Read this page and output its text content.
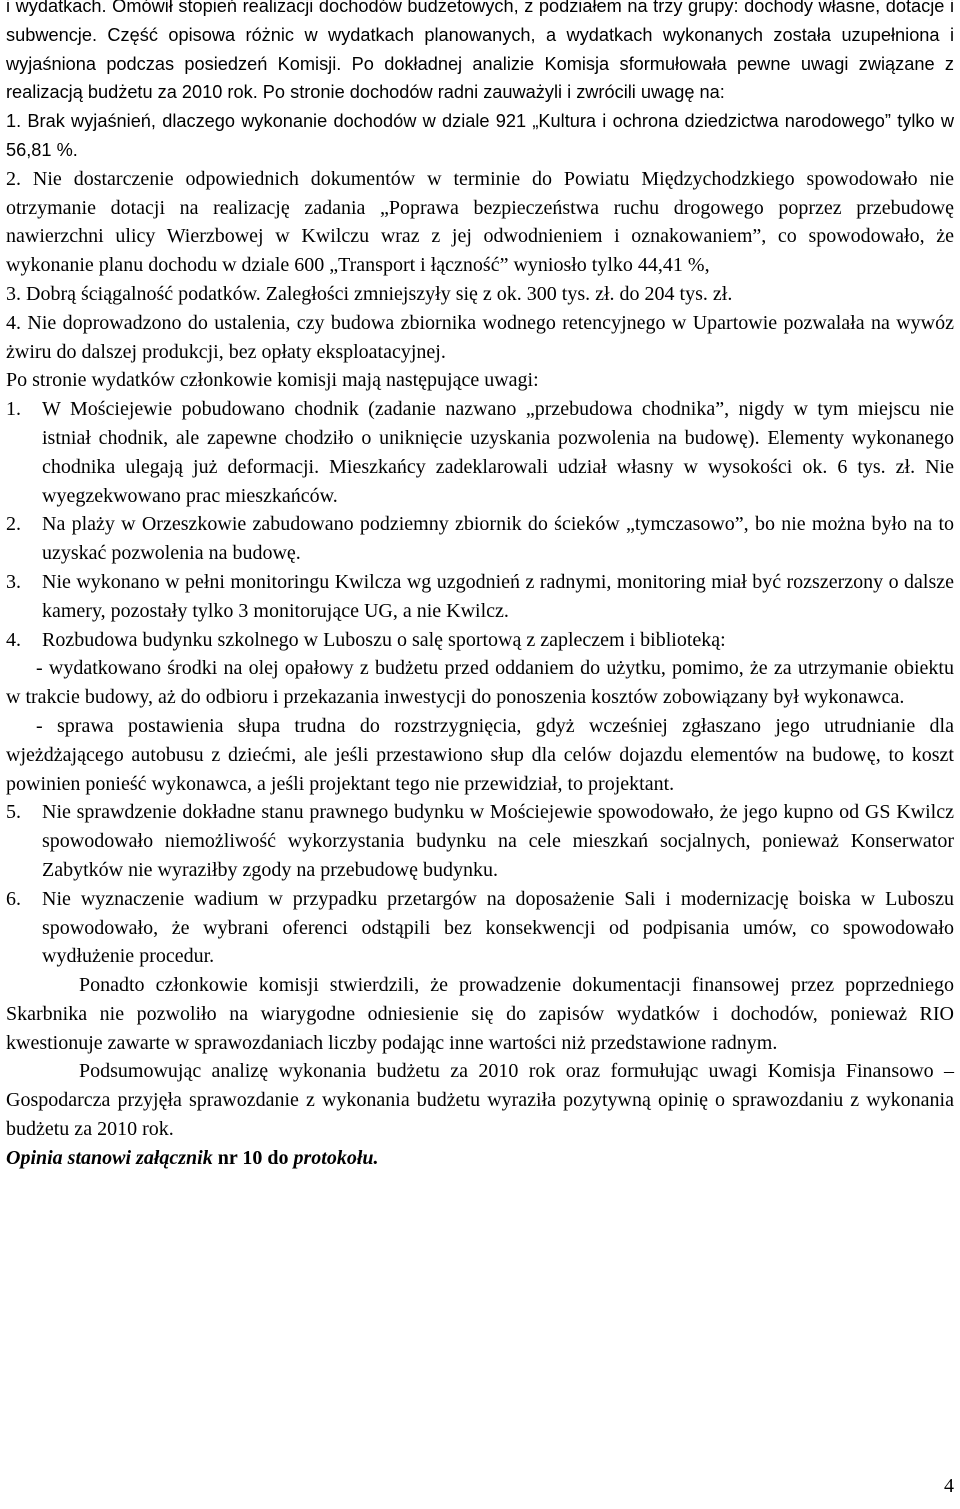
i wydatkach. Omówił stopień realizacji dochodów budżetowych, z podziałem na trzy grupy: dochody własne, dotacje i subwencje. Część opisowa różnic w wydatkach planowanych, a wydatkach wykonanych została uzupełniona i wyjaśniona podczas posiedzeń Komisji. Po dokładnej analizie Komisja sformułowała pewne uwagi związane z realizacją budżetu za 2010 rok. Po stronie dochodów radni zauważyli i zwrócili uwagę na:

1. Brak wyjaśnień, dlaczego wykonanie dochodów w dziale 921 „Kultura i ochrona dziedzictwa narodowego” tylko w 56,81 %.

2. Nie dostarczenie odpowiednich dokumentów w terminie do Powiatu Międzychodzkiego spowodowało nie otrzymanie dotacji na realizację zadania „Poprawa bezpieczeństwa ruchu drogowego poprzez przebudowę nawierzchni ulicy Wierzbowej w Kwilczu wraz z jej odwodnieniem i oznakowaniem”, co spowodowało, że wykonanie planu dochodu w dziale 600 „Transport i łączność” wyniosło tylko 44,41 %,

3. Dobrą ściągalność podatków. Zaległości zmniejszyły się z ok. 300 tys. zł. do 204 tys. zł.

4. Nie doprowadzono do ustalenia, czy budowa zbiornika wodnego retencyjnego w Upartowie pozwalała na wywóz żwiru do dalszej produkcji, bez opłaty eksploatacyjnej.

Po stronie wydatków członkowie komisji mają następujące uwagi:

1.	W Mościejewie pobudowano chodnik (zadanie nazwano „przebudowa chodnika”, nigdy w tym miejscu nie istniał chodnik, ale zapewne chodziło o uniknięcie uzyskania pozwolenia na budowę). Elementy wykonanego chodnika ulegają już deformacji. Mieszkańcy zadeklarowali udział własny w wysokości ok. 6 tys. zł. Nie wyegzekwowano prac mieszkańców.
2.	Na plaży w Orzeszkowie zabudowano podziemny zbiornik do ścieków „tymczasowo”, bo nie można było na to uzyskać pozwolenia na budowę.
3.	Nie wykonano w pełni monitoringu Kwilcza wg uzgodnień z radnymi, monitoring miał być rozszerzony o dalsze kamery, pozostały tylko 3 monitorujące UG, a nie Kwilcz.
4.	Rozbudowa budynku szkolnego w Luboszu o salę sportową z zapleczem i biblioteką:

- wydatkowano środki na olej opałowy z budżetu przed oddaniem do użytku, pomimo, że za utrzymanie obiektu w trakcie budowy, aż do odbioru i przekazania inwestycji do ponoszenia kosztów zobowiązany był wykonawca.

- sprawa postawienia słupa trudna do rozstrzygnięcia, gdyż wcześniej zgłaszano jego utrudnianie dla wjeżdżającego autobusu z dziećmi, ale jeśli przestawiono słup dla celów dojazdu elementów na budowę, to koszt powinien ponieść wykonawca, a jeśli projektant tego nie przewidział, to projektant.

5.	Nie sprawdzenie dokładne stanu prawnego budynku w Mościejewie spowodowało, że jego kupno od GS Kwilcz spowodowało niemożliwość wykorzystania budynku na cele mieszkań socjalnych, ponieważ Konserwator Zabytków nie wyraziłby zgody na przebudowę budynku.
6.	Nie wyznaczenie wadium w przypadku przetargów na doposażenie Sali i modernizację boiska w Luboszu spowodowało, że wybrani oferenci odstąpili bez konsekwencji od podpisania umów, co spowodowało wydłużenie procedur.

Ponadto członkowie komisji stwierdzili, że prowadzenie dokumentacji finansowej przez poprzedniego Skarbnika nie pozwoliło na wiarygodne odniesienie się do zapisów wydatków i dochodów, ponieważ RIO kwestionuje zawarte w sprawozdaniach liczby podając inne wartości niż przedstawione radnym.

Podsumowując analizę wykonania budżetu za 2010 rok oraz formułując uwagi Komisja Finansowo – Gospodarcza przyjęła sprawozdanie z wykonania budżetu wyraziła pozytywną opinię o sprawozdaniu z wykonania budżetu za 2010 rok.

Opinia stanowi załącznik nr 10 do protokołu.

4
